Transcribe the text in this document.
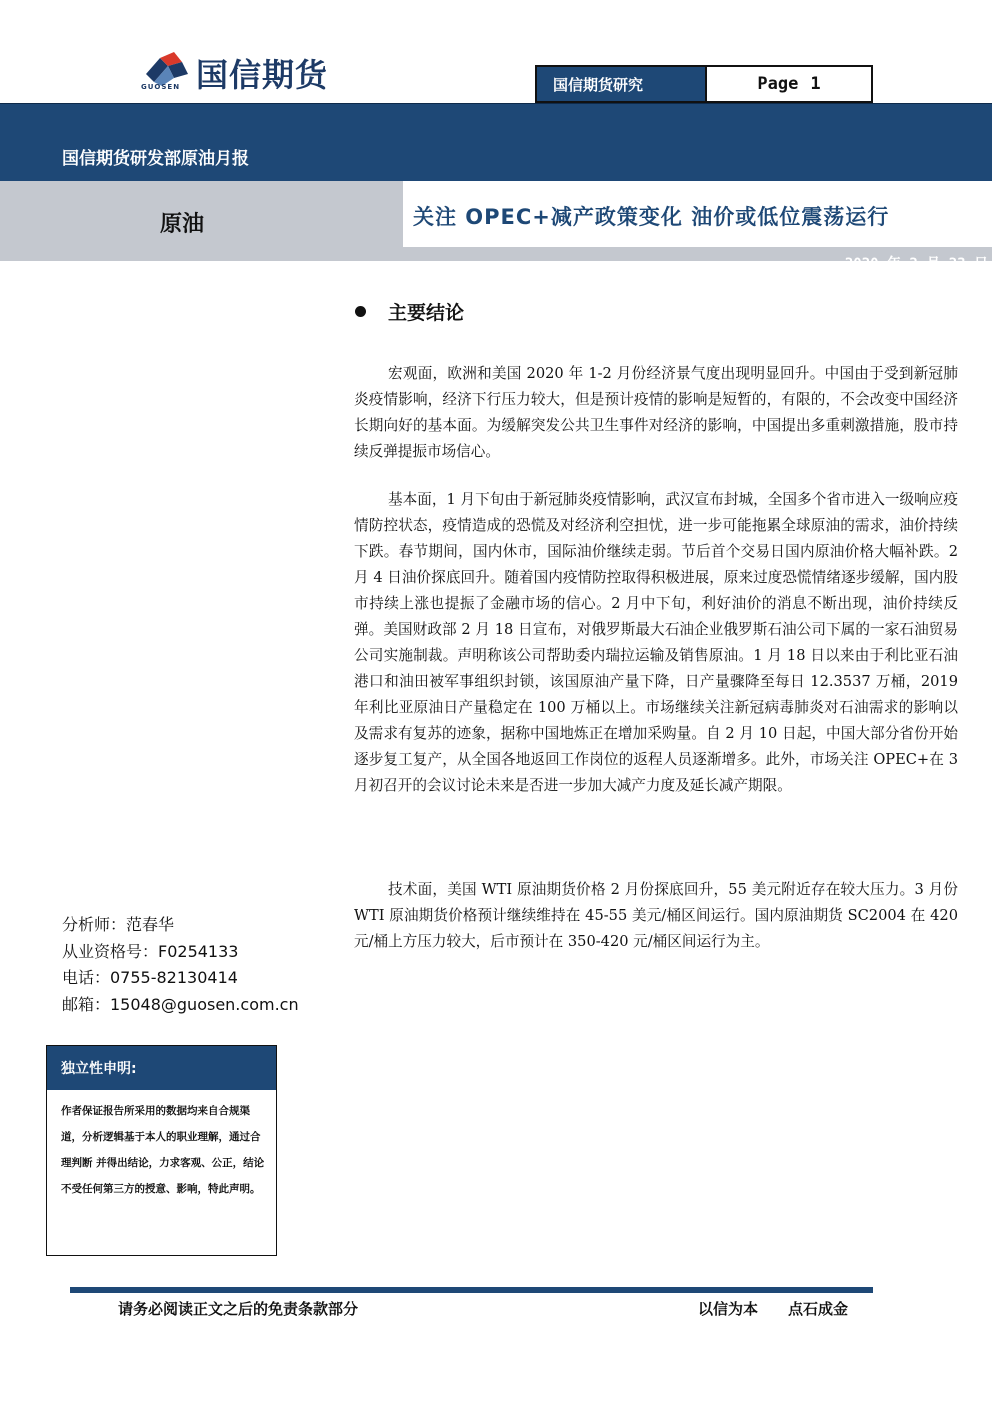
国信期货
GUOSEN	国信期货研究	Page 1
国信期货研发部原油月报
原油	关注 OPEC+减产政策变化 油价或低位震荡运行
2020 年 2 月 23 日
主要结论
宏观面，欧洲和美国 2020 年 1-2 月份经济景气度出现明显回升。中国由于受到新冠肺炎疫情影响，经济下行压力较大，但是预计疫情的影响是短暂的，有限的，不会改变中国经济长期向好的基本面。为缓解突发公共卫生事件对经济的影响，中国提出多重刺激措施，股市持续反弹提振市场信心。
基本面，1 月下旬由于新冠肺炎疫情影响，武汉宣布封城，全国多个省市进入一级响应疫情防控状态，疫情造成的恐慌及对经济利空担忧，进一步可能拖累全球原油的需求，油价持续下跌。春节期间，国内休市，国际油价继续走弱。节后首个交易日国内原油价格大幅补跌。2 月 4 日油价探底回升。随着国内疫情防控取得积极进展，原来过度恐慌情绪逐步缓解，国内股市持续上涨也提振了金融市场的信心。2 月中下旬，利好油价的消息不断出现，油价持续反弹。美国财政部 2 月 18 日宣布，对俄罗斯最大石油企业俄罗斯石油公司下属的一家石油贸易公司实施制裁。声明称该公司帮助委内瑞拉运输及销售原油。1 月 18 日以来由于利比亚石油港口和油田被军事组织封锁，该国原油产量下降，日产量骤降至每日 12.3537 万桶，2019 年利比亚原油日产量稳定在 100 万桶以上。市场继续关注新冠病毒肺炎对石油需求的影响以及需求有复苏的迹象，据称中国地炼正在增加采购量。自 2 月 10 日起，中国大部分省份开始逐步复工复产，从全国各地返回工作岗位的返程人员逐渐增多。此外，市场关注 OPEC+在 3 月初召开的会议讨论未来是否进一步加大减产力度及延长减产期限。
技术面，美国 WTI 原油期货价格 2 月份探底回升，55 美元附近存在较大压力。3 月份 WTI 原油期货价格预计继续维持在 45-55 美元/桶区间运行。国内原油期货 SC2004 在 420 元/桶上方压力较大，后市预计在 350-420 元/桶区间运行为主。
分析师：范春华
从业资格号：F0254133
电话：0755-82130414
邮箱：15048@guosen.com.cn
独立性申明:
作者保证报告所采用的数据均来自合规渠道，分析逻辑基于本人的职业理解，通过合理判断 并得出结论，力求客观、公正，结论不受任何第三方的授意、影响，特此声明。
请务必阅读正文之后的免责条款部分	以信为本　　点石成金
